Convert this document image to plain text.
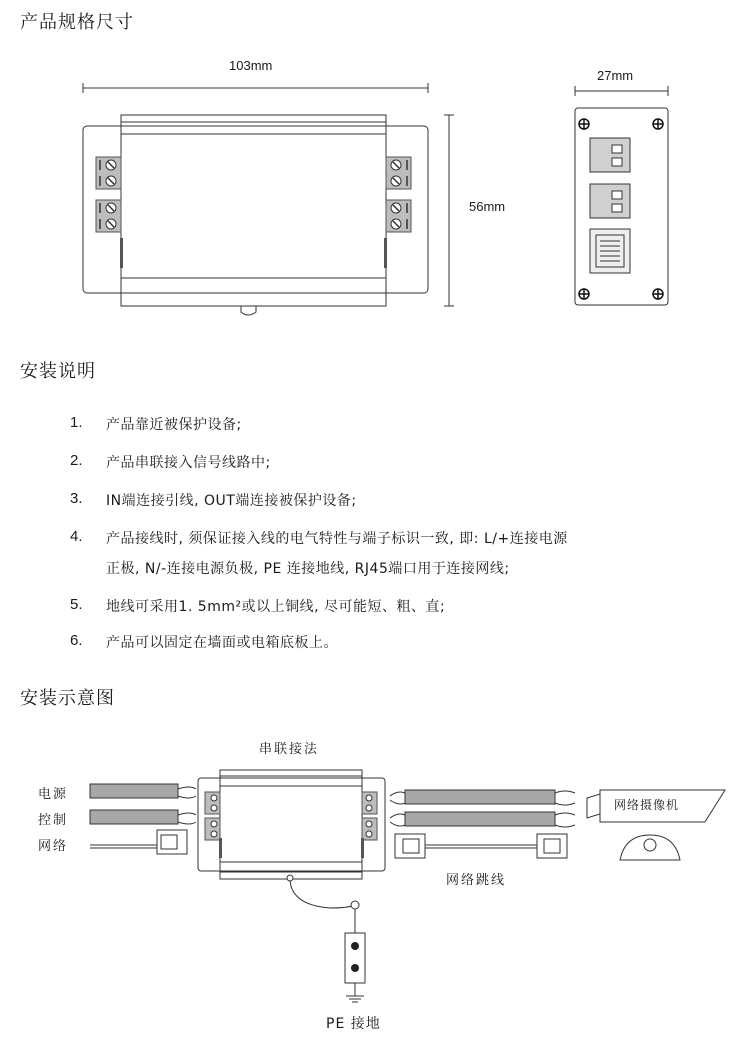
产品规格尺寸
安装说明
安装示意图
103mm
56mm
27mm
1.	产品靠近被保护设备;
2.	产品串联接入信号线路中;
3.	IN端连接引线, OUT端连接被保护设备;
4.	产品接线时, 须保证接入线的电气特性与端子标识一致, 即: L/+连接电源
正极, N/-连接电源负极, PE 连接地线, RJ45端口用于连接网线;
5.	地线可采用1. 5mm²或以上铜线, 尽可能短、粗、直;
6.	产品可以固定在墙面或电箱底板上。
串联接法
电源
控制
网络
网络跳线
网络摄像机
PE 接地
